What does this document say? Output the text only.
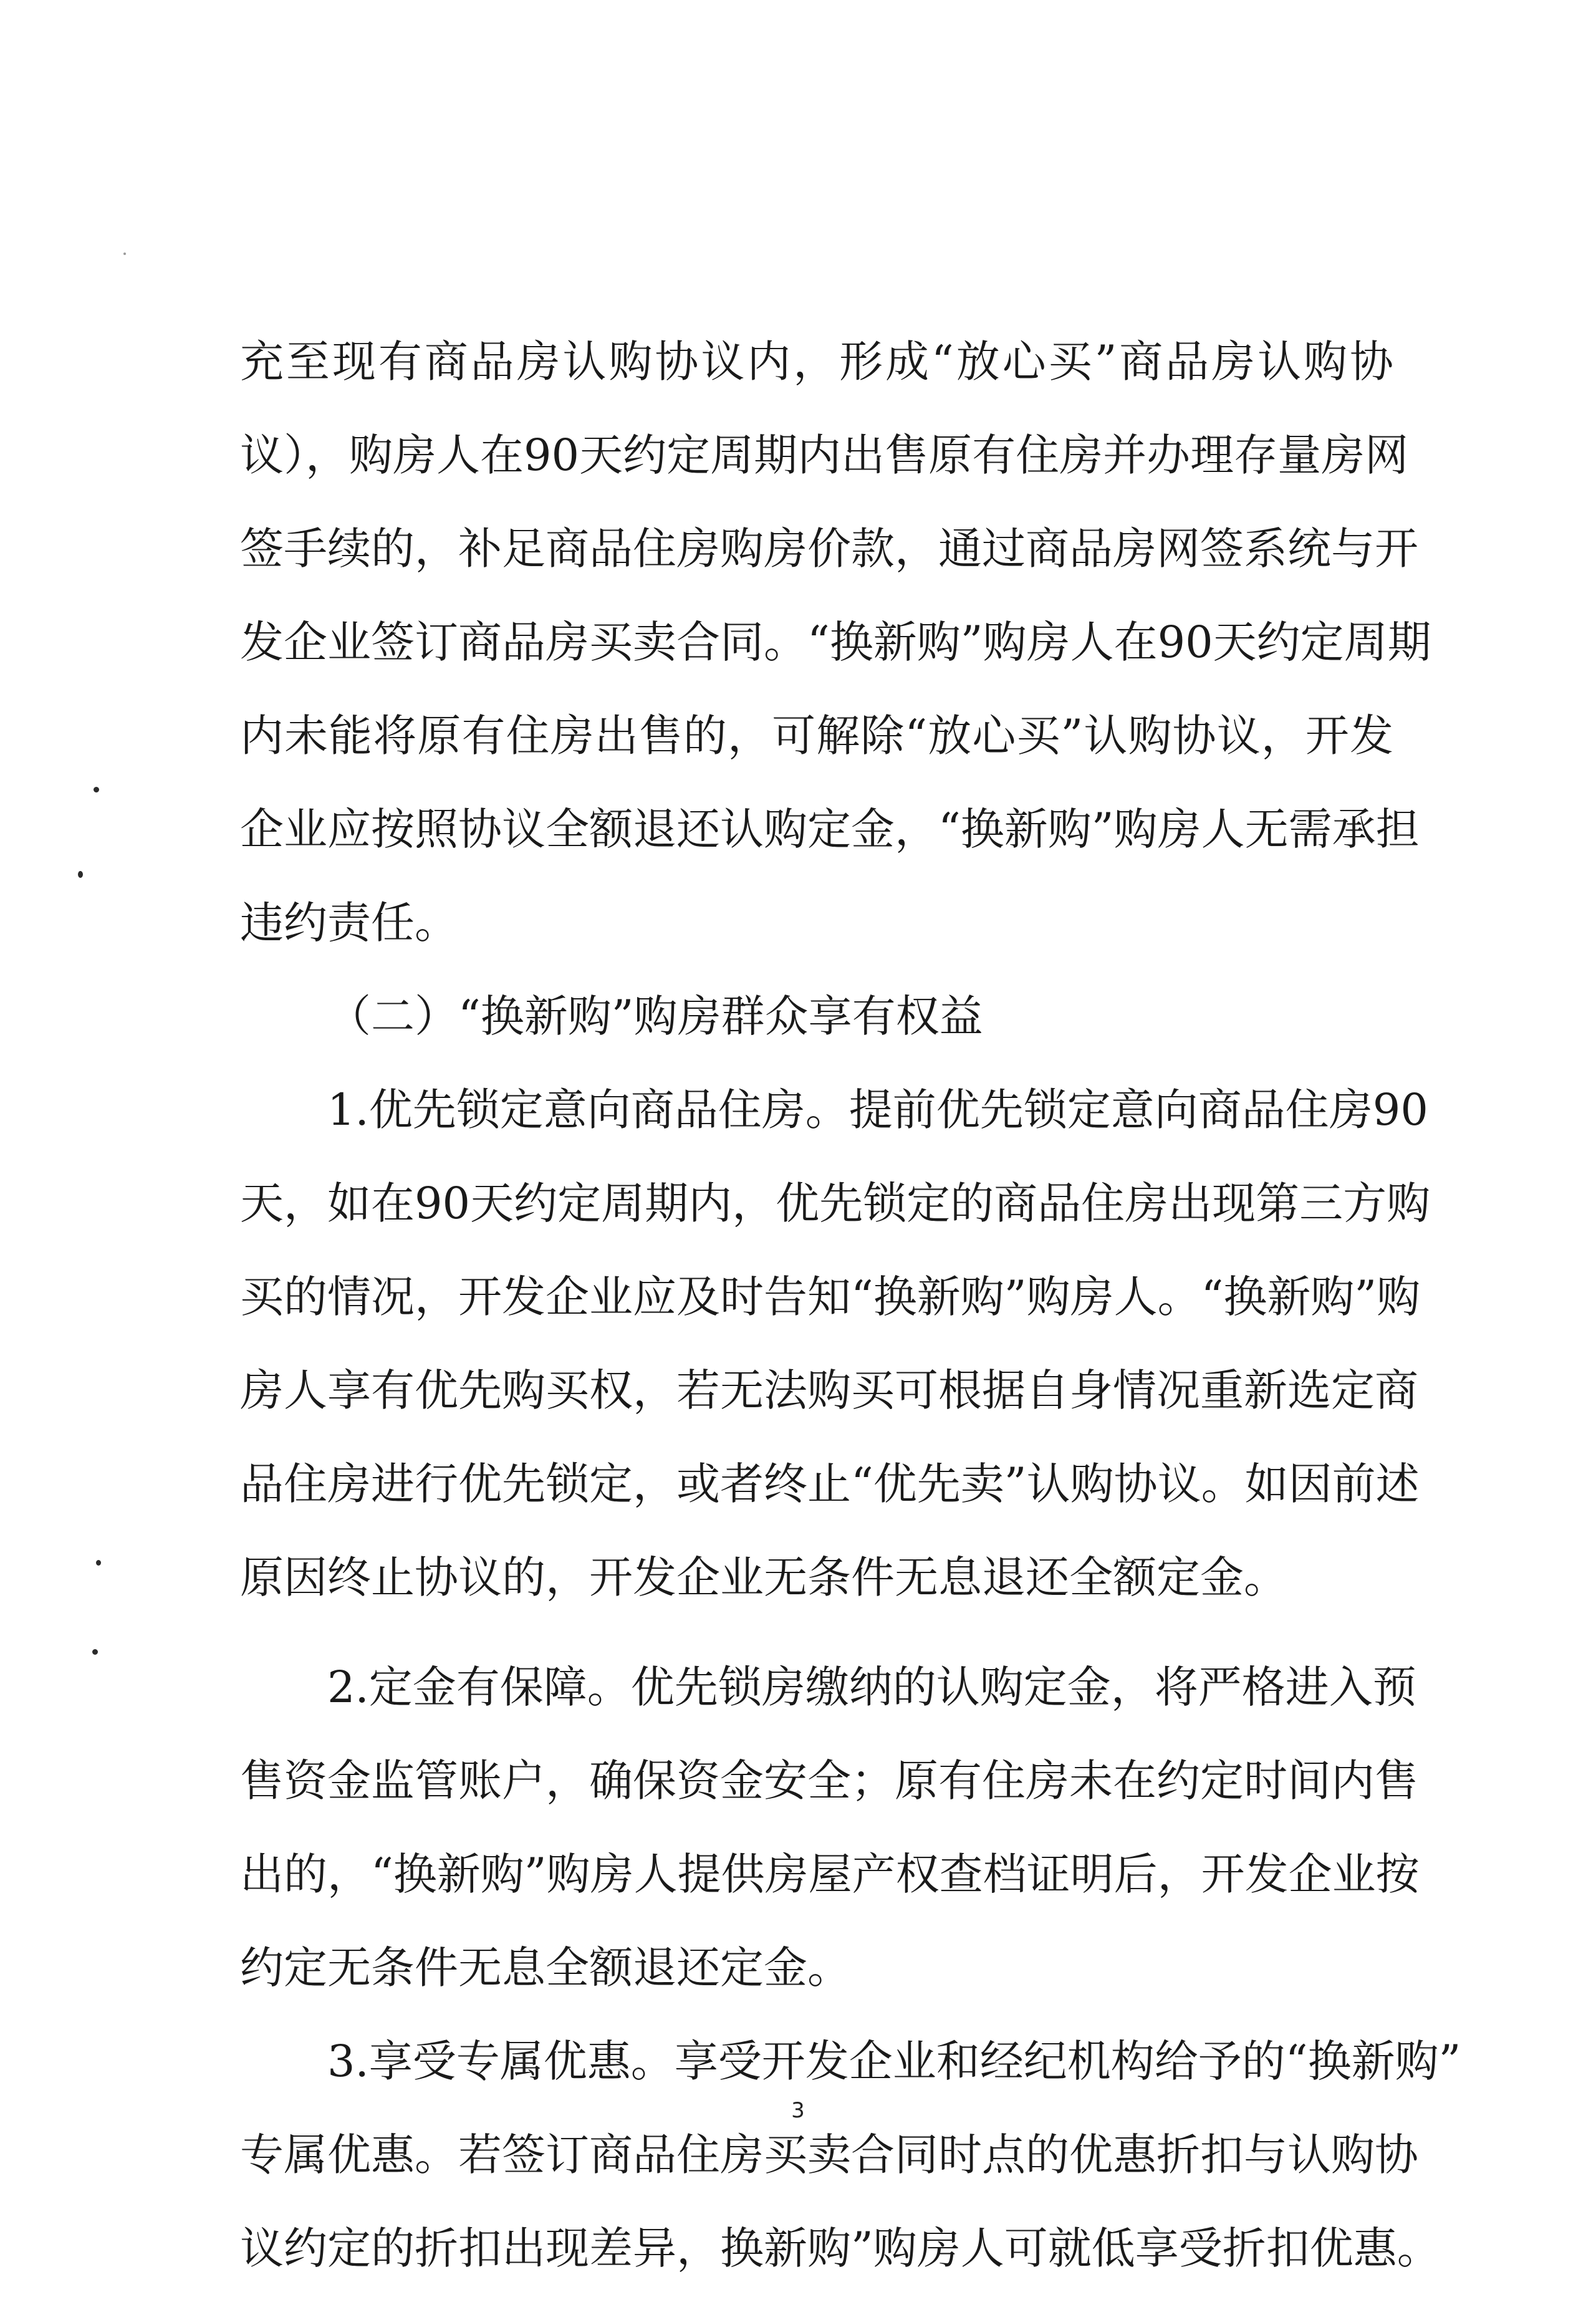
充至现有商品房认购协议内，形成“放心买”商品房认购协
议），购房人在90天约定周期内出售原有住房并办理存量房网
签手续的，补足商品住房购房价款，通过商品房网签系统与开
发企业签订商品房买卖合同。“换新购”购房人在90天约定周期
内未能将原有住房出售的，可解除“放心买”认购协议，开发
企业应按照协议全额退还认购定金，“换新购”购房人无需承担
违约责任。
（二）“换新购”购房群众享有权益
1.优先锁定意向商品住房。提前优先锁定意向商品住房90
天，如在90天约定周期内，优先锁定的商品住房出现第三方购
买的情况，开发企业应及时告知“换新购”购房人。“换新购”购
房人享有优先购买权，若无法购买可根据自身情况重新选定商
品住房进行优先锁定，或者终止“优先卖”认购协议。如因前述
原因终止协议的，开发企业无条件无息退还全额定金。
2.定金有保障。优先锁房缴纳的认购定金，将严格进入预
售资金监管账户，确保资金安全；原有住房未在约定时间内售
出的，“换新购”购房人提供房屋产权查档证明后，开发企业按
约定无条件无息全额退还定金。
3.享受专属优惠。享受开发企业和经纪机构给予的“换新购”
专属优惠。若签订商品住房买卖合同时点的优惠折扣与认购协
议约定的折扣出现差异，换新购”购房人可就低享受折扣优惠。
3
